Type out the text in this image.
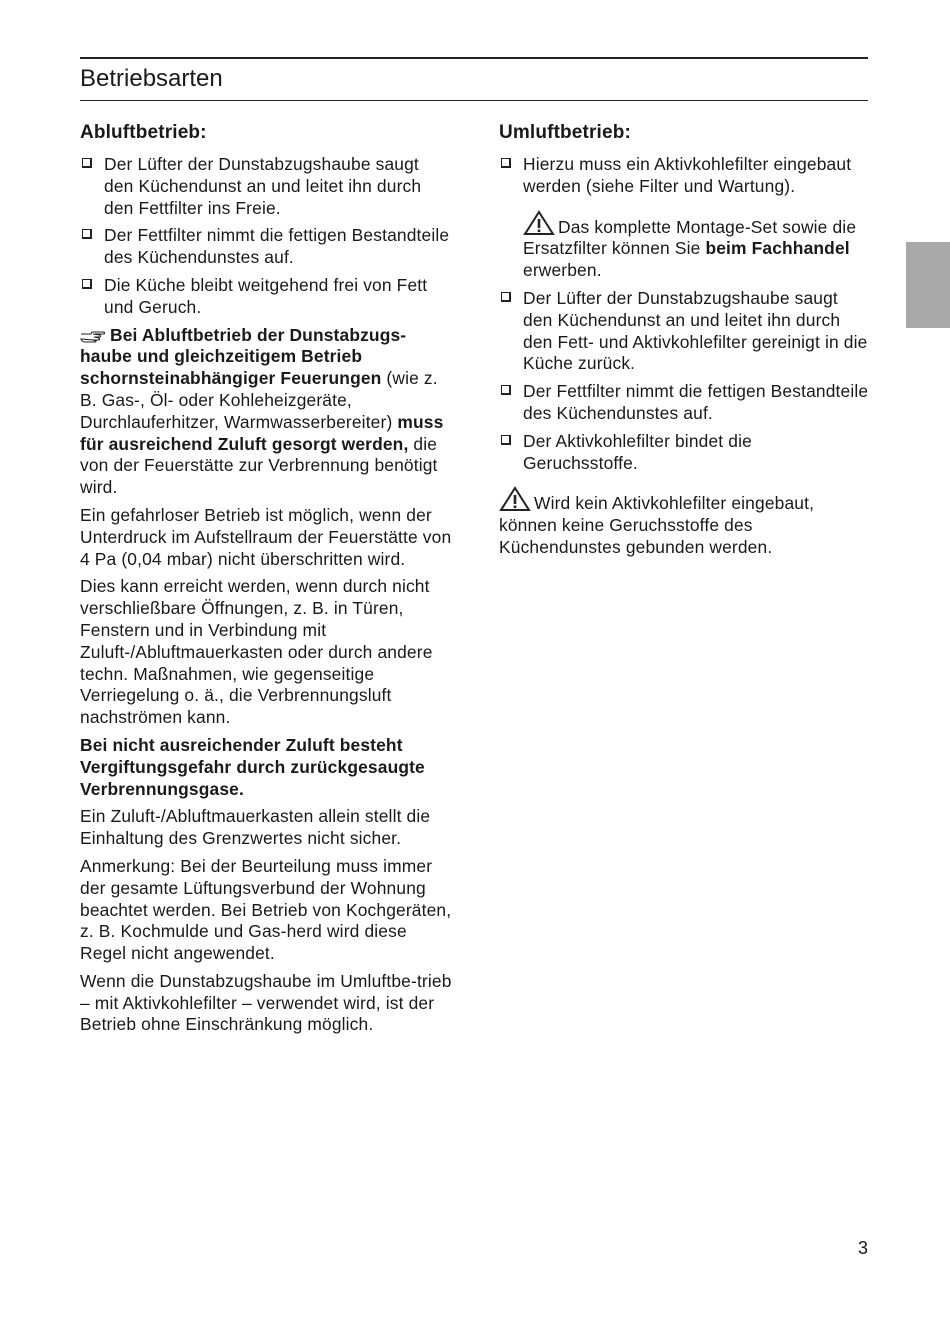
Betriebsarten
Abluftbetrieb:
Der Lüfter der Dunstabzugshaube saugt den Küchendunst an und leitet ihn durch den Fettfilter ins Freie.
Der Fettfilter nimmt die fettigen Bestandteile des Küchendunstes auf.
Die Küche bleibt weitgehend frei von Fett und Geruch.

Bei Abluftbetrieb der Dunstabzugs-haube und gleichzeitigem Betrieb schornsteinabhängiger Feuerungen (wie z. B. Gas-, Öl- oder Kohleheizgeräte, Durchlauferhitzer, Warmwasserbereiter) muss für ausreichend Zuluft gesorgt werden, die von der Feuerstätte zur Verbrennung benötigt wird.

Ein gefahrloser Betrieb ist möglich, wenn der Unterdruck im Aufstellraum der Feuerstätte von 4 Pa (0,04 mbar) nicht überschritten wird.

Dies kann erreicht werden, wenn durch nicht verschließbare Öffnungen, z. B. in Türen, Fenstern und in Verbindung mit Zuluft-/Abluftmauerkasten oder durch andere techn. Maßnahmen, wie gegenseitige Verriegelung o. ä., die Verbrennungsluft nachströmen kann.

Bei nicht ausreichender Zuluft besteht Vergiftungsgefahr durch zurückgesaugte Verbrennungsgase.

Ein Zuluft-/Abluftmauerkasten allein stellt die Einhaltung des Grenzwertes nicht sicher.

Anmerkung: Bei der Beurteilung muss immer der gesamte Lüftungsverbund der Wohnung beachtet werden. Bei Betrieb von Kochgeräten, z. B. Kochmulde und Gas-herd wird diese Regel nicht angewendet.

Wenn die Dunstabzugshaube im Umluftbe-trieb – mit Aktivkohlefilter – verwendet wird, ist der Betrieb ohne Einschränkung möglich.

Umluftbetrieb:
Hierzu muss ein Aktivkohlefilter eingebaut werden (siehe Filter und Wartung).

Das komplette Montage-Set sowie die Ersatzfilter können Sie beim Fachhandel erwerben.

Der Lüfter der Dunstabzugshaube saugt den Küchendunst an und leitet ihn durch den Fett- und Aktivkohlefilter gereinigt in die Küche zurück.
Der Fettfilter nimmt die fettigen Bestandteile des Küchendunstes auf.
Der Aktivkohlefilter bindet die Geruchsstoffe.

Wird kein Aktivkohlefilter eingebaut, können keine Geruchsstoffe des Küchendunstes gebunden werden.

3
